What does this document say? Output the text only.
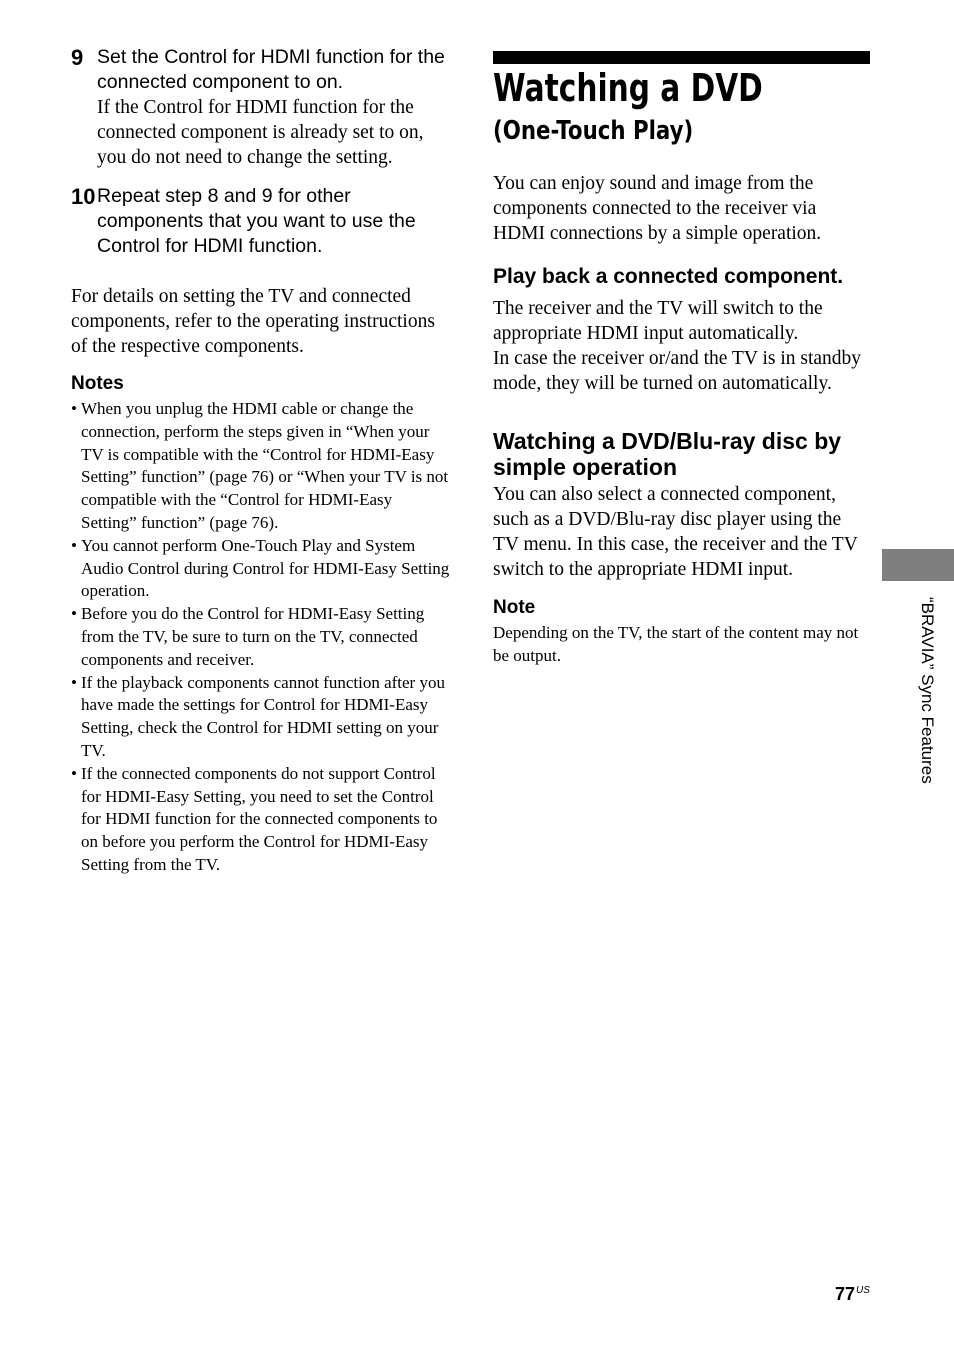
9 Set the Control for HDMI function for the connected component to on.
If the Control for HDMI function for the connected component is already set to on, you do not need to change the setting.
10 Repeat step 8 and 9 for other components that you want to use the Control for HDMI function.
For details on setting the TV and connected components, refer to the operating instructions of the respective components.
Notes
• When you unplug the HDMI cable or change the connection, perform the steps given in “When your TV is compatible with the “Control for HDMI-Easy Setting” function” (page 76) or “When your TV is not compatible with the “Control for HDMI-Easy Setting” function” (page 76).
• You cannot perform One-Touch Play and System Audio Control during Control for HDMI-Easy Setting operation.
• Before you do the Control for HDMI-Easy Setting from the TV, be sure to turn on the TV, connected components and receiver.
• If the playback components cannot function after you have made the settings for Control for HDMI-Easy Setting, check the Control for HDMI setting on your TV.
• If the connected components do not support Control for HDMI-Easy Setting, you need to set the Control for HDMI function for the connected components to on before you perform the Control for HDMI-Easy Setting from the TV.
Watching a DVD
(One-Touch Play)
You can enjoy sound and image from the components connected to the receiver via HDMI connections by a simple operation.
Play back a connected component.
The receiver and the TV will switch to the appropriate HDMI input automatically.
In case the receiver or/and the TV is in standby mode, they will be turned on automatically.
Watching a DVD/Blu-ray disc by simple operation
You can also select a connected component, such as a DVD/Blu-ray disc player using the TV menu. In this case, the receiver and the TV switch to the appropriate HDMI input.
Note
Depending on the TV, the start of the content may not be output.	“BRAVIA” Sync Features
$77^{US}$
